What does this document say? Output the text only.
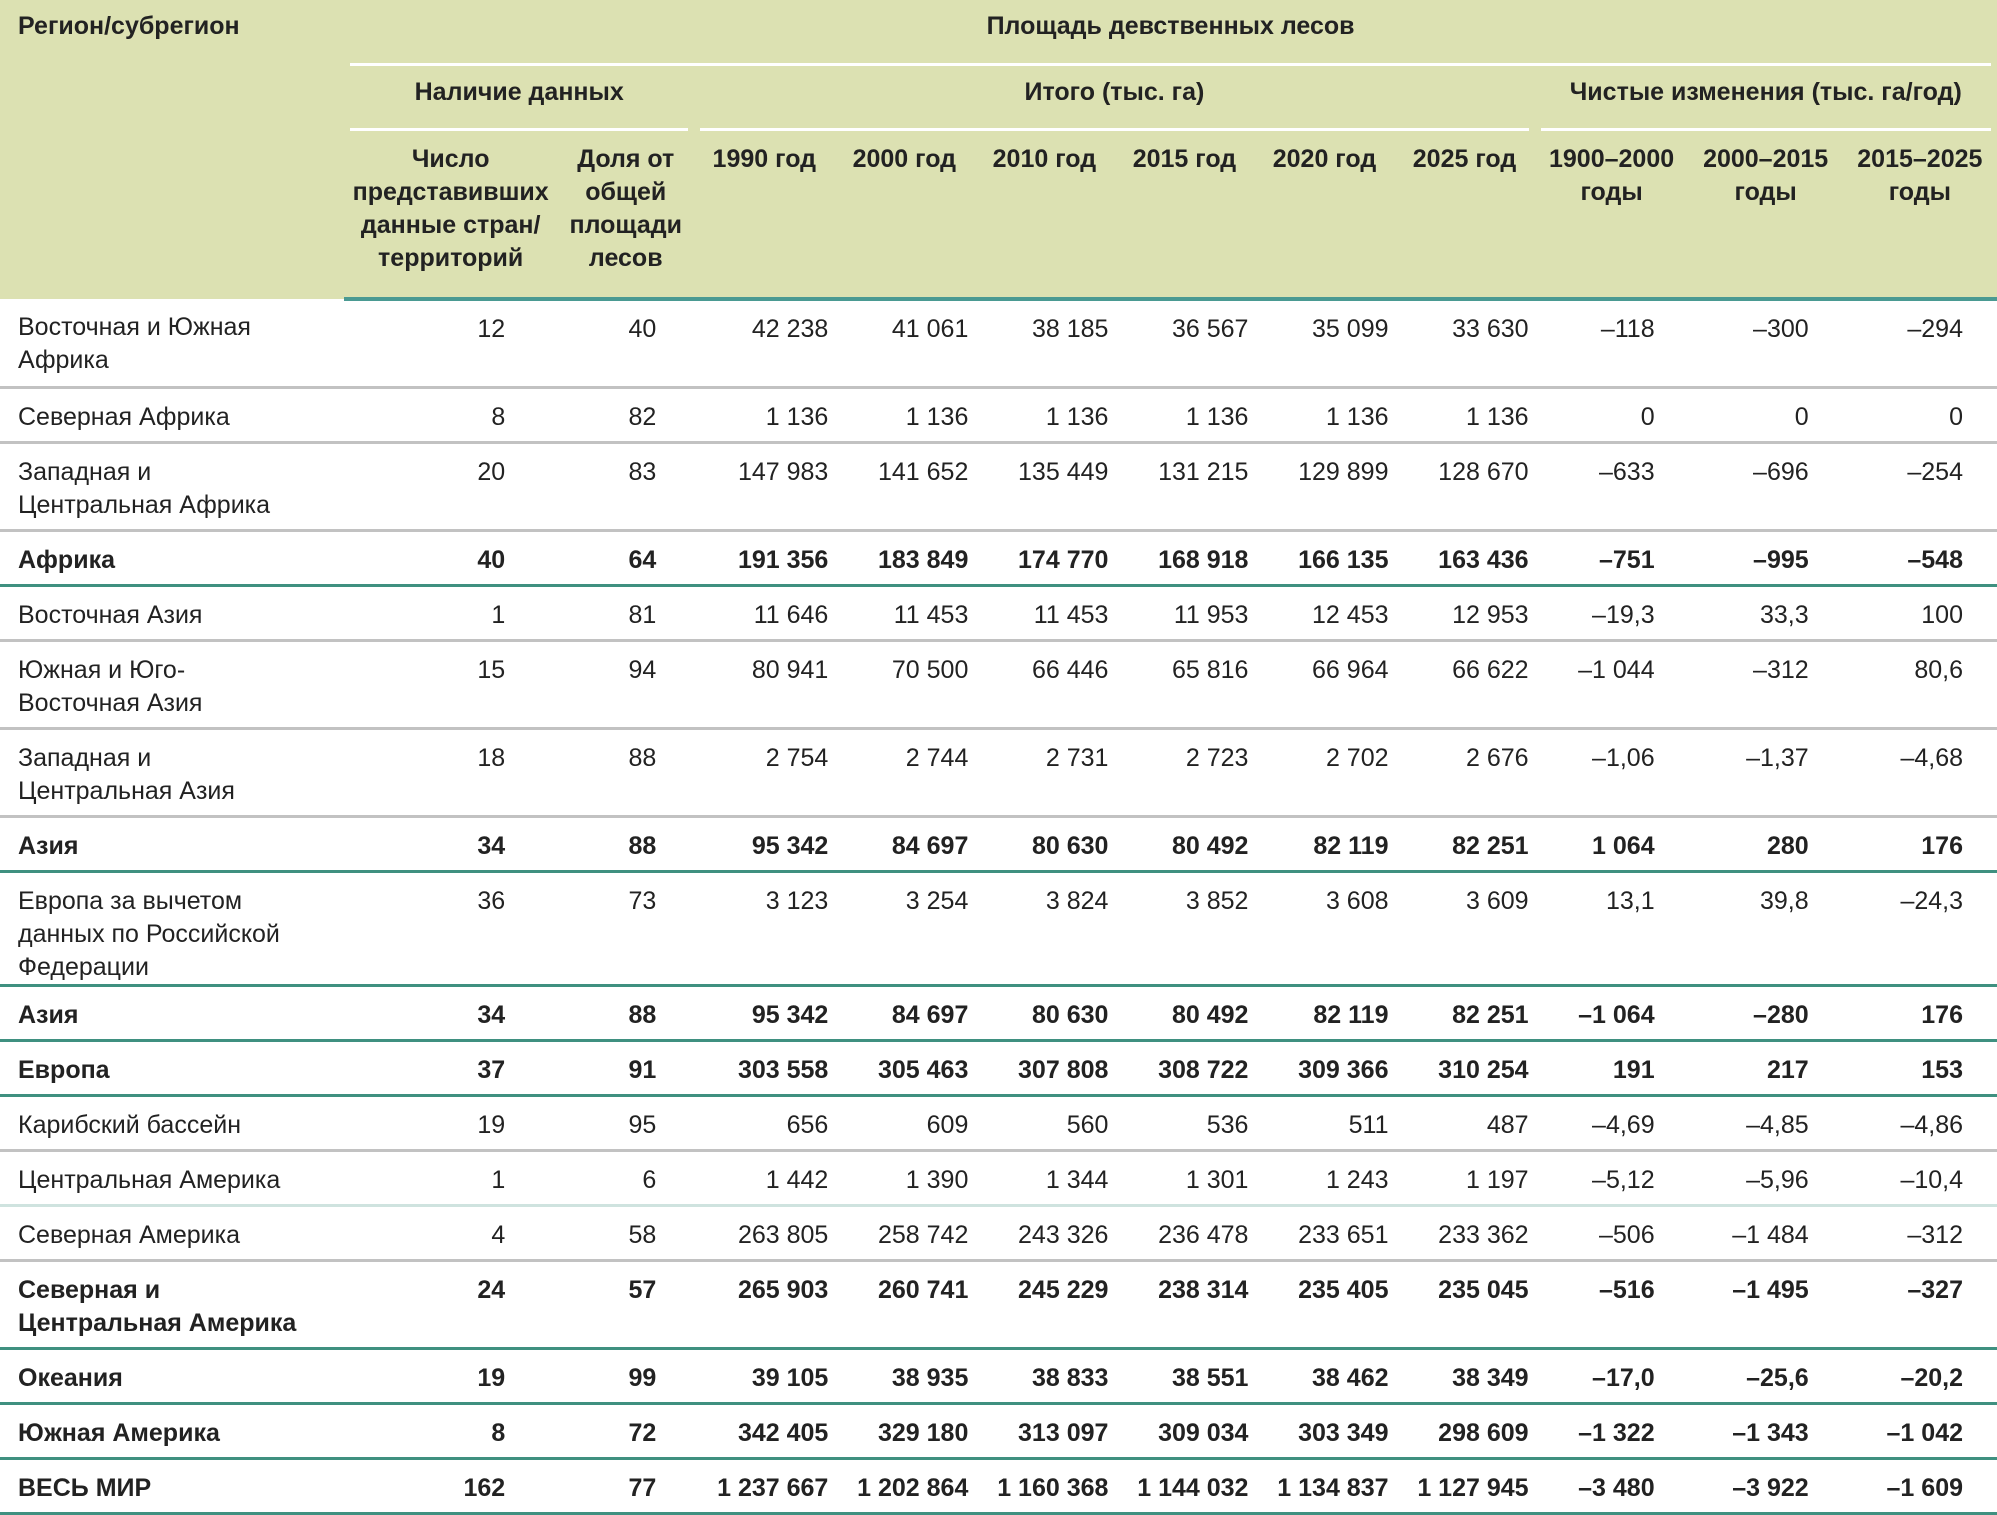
Регион/субрегион	Площадь девственных лесов										

	Наличие данных		Итого (тыс. га)						Чистые изменения (тыс. га/год)		

	Число представивших данные стран/ территорий	Доля от общей площади лесов	1990 год	2000 год	2010 год	2015 год	2020 год	2025 год	1900–2000 годы	2000–2015 годы	2015–2025 годы

Восточная и Южная Африка	12	40	42 238	41 061	38 185	36 567	35 099	33 630	–118	–300	–294
Северная Африка	8	82	1 136	1 136	1 136	1 136	1 136	1 136	0	0	0
Западная и Центральная Африка	20	83	147 983	141 652	135 449	131 215	129 899	128 670	–633	–696	–254
Африка	40	64	191 356	183 849	174 770	168 918	166 135	163 436	–751	–995	–548
Восточная Азия	1	81	11 646	11 453	11 453	11 953	12 453	12 953	–19,3	33,3	100
Южная и Юго-Восточная Азия	15	94	80 941	70 500	66 446	65 816	66 964	66 622	–1 044	–312	80,6
Западная и Центральная Азия	18	88	2 754	2 744	2 731	2 723	2 702	2 676	–1,06	–1,37	–4,68
Азия	34	88	95 342	84 697	80 630	80 492	82 119	82 251	1 064	280	176
Европа за вычетом данных по Российской Федерации	36	73	3 123	3 254	3 824	3 852	3 608	3 609	13,1	39,8	–24,3
Азия	34	88	95 342	84 697	80 630	80 492	82 119	82 251	–1 064	–280	176
Европа	37	91	303 558	305 463	307 808	308 722	309 366	310 254	191	217	153
Карибский бассейн	19	95	656	609	560	536	511	487	–4,69	–4,85	–4,86
Центральная Америка	1	6	1 442	1 390	1 344	1 301	1 243	1 197	–5,12	–5,96	–10,4
Северная Америка	4	58	263 805	258 742	243 326	236 478	233 651	233 362	–506	–1 484	–312
Северная и Центральная Америка	24	57	265 903	260 741	245 229	238 314	235 405	235 045	–516	–1 495	–327
Океания	19	99	39 105	38 935	38 833	38 551	38 462	38 349	–17,0	–25,6	–20,2
Южная Америка	8	72	342 405	329 180	313 097	309 034	303 349	298 609	–1 322	–1 343	–1 042
ВЕСЬ МИР	162	77	1 237 667	1 202 864	1 160 368	1 144 032	1 134 837	1 127 945	–3 480	–3 922	–1 609
